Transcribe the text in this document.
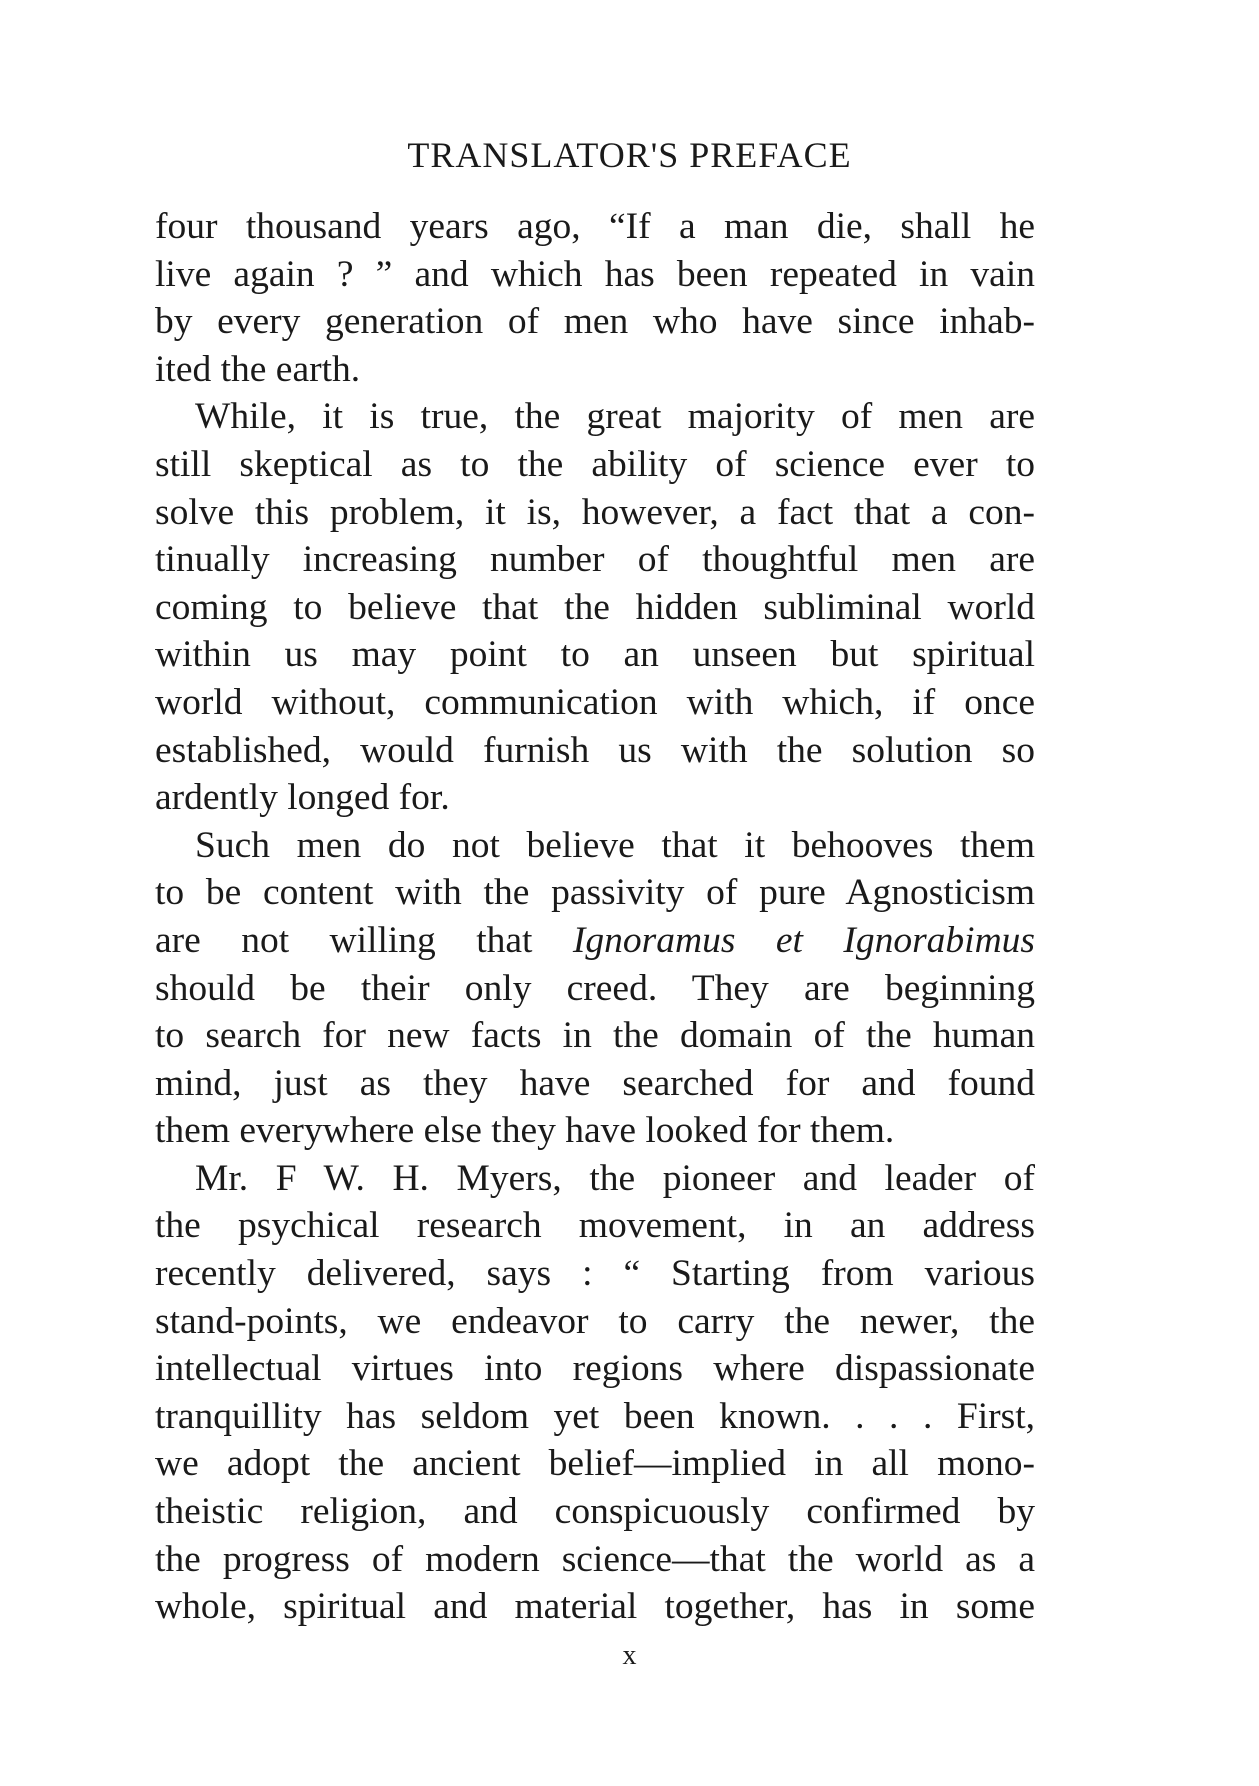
TRANSLATOR'S PREFACE
four thousand years ago, “If a man die, shall he
live again ? ” and which has been repeated in vain
by every generation of men who have since inhab-
ited the earth.
While, it is true, the great majority of men are
still skeptical as to the ability of science ever to
solve this problem, it is, however, a fact that a con-
tinually increasing number of thoughtful men are
coming to believe that the hidden subliminal world
within us may point to an unseen but spiritual
world without, communication with which, if once
established, would furnish us with the solution so
ardently longed for.
Such men do not believe that it behooves them
to be content with the passivity of pure Agnosticism
are not willing that Ignoramus et Ignorabimus
should be their only creed. They are beginning
to search for new facts in the domain of the human
mind, just as they have searched for and found
them everywhere else they have looked for them.
Mr. F W. H. Myers, the pioneer and leader of
the psychical research movement, in an address
recently delivered, says : “ Starting from various
stand-points, we endeavor to carry the newer, the
intellectual virtues into regions where dispassionate
tranquillity has seldom yet been known. . . . First,
we adopt the ancient belief—implied in all mono-
theistic religion, and conspicuously confirmed by
the progress of modern science—that the world as a
whole, spiritual and material together, has in some
x
